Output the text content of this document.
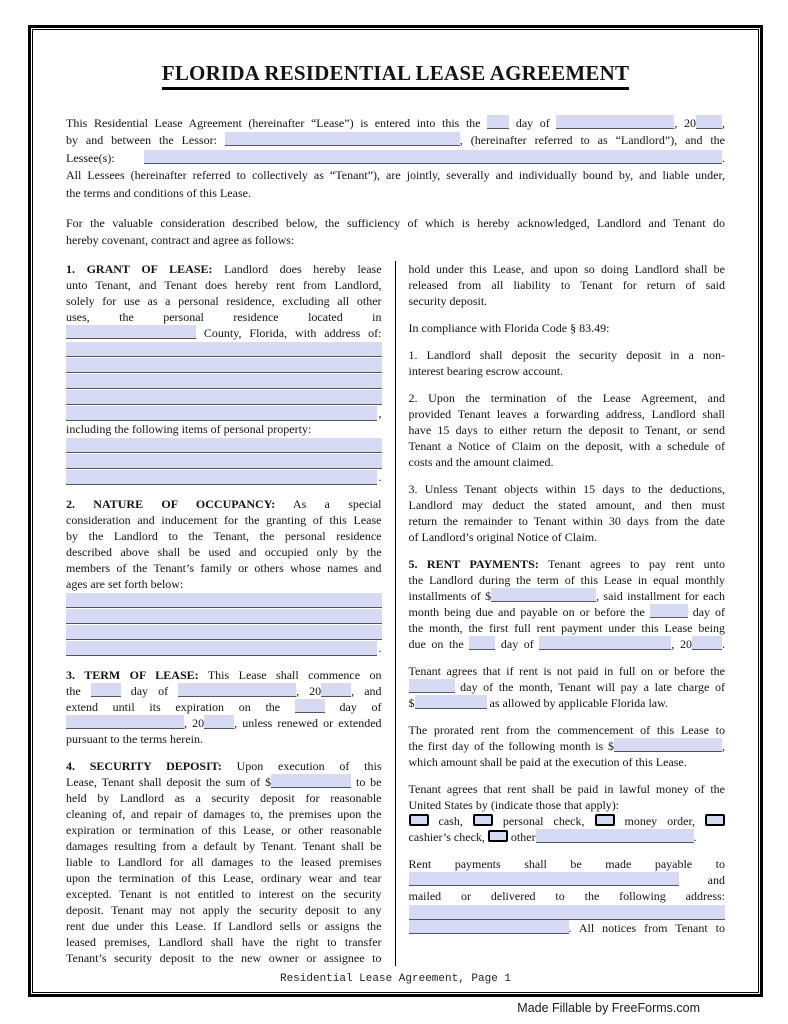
FLORIDA RESIDENTIAL LEASE AGREEMENT
This Residential Lease Agreement (hereinafter “Lease”) is entered into this the  day of	, 20 ,
by and between the Lessor:	, (hereinafter referred to as “Landlord”), and the
Lessee(s):	.
All Lessees (hereinafter referred to collectively as “Tenant”), are jointly, severally and individually bound by, and liable under,
the terms and conditions of this Lease.
For the valuable consideration described below, the sufficiency of which is hereby acknowledged, Landlord and Tenant do
hereby covenant, contract and agree as follows:
1. GRANT OF LEASE: Landlord does hereby lease
unto Tenant, and Tenant does hereby rent from Landlord,
solely for use as a personal residence, excluding all other
uses, the personal residence located in
County, Florida, with address of:
,
including the following items of personal property:
.
2. NATURE OF OCCUPANCY: As a special
consideration and inducement for the granting of this Lease
by the Landlord to the Tenant, the personal residence
described above shall be used and occupied only by the
members of the Tenant’s family or others whose names and
ages are set forth below:
.
3. TERM OF LEASE: This Lease shall commence on
the	day of	, 20	, and
extend until its expiration on the	day of
, 20	, unless renewed or extended
pursuant to the terms herein.
4. SECURITY DEPOSIT: Upon execution of this
Lease, Tenant shall deposit the sum of $	to be
held by Landlord as a security deposit for reasonable
cleaning of, and repair of damages to, the premises upon the
expiration or termination of this Lease, or other reasonable
damages resulting from a default by Tenant. Tenant shall be
liable to Landlord for all damages to the leased premises
upon the termination of this Lease, ordinary wear and tear
excepted. Tenant is not entitled to interest on the security
deposit. Tenant may not apply the security deposit to any
rent due under this Lease. If Landlord sells or assigns the
leased premises, Landlord shall have the right to transfer
Tenant’s security deposit to the new owner or assignee to
hold under this Lease, and upon so doing Landlord shall be
released from all liability to Tenant for return of said
security deposit.
In compliance with Florida Code § 83.49:
1. Landlord shall deposit the security deposit in a non-
interest bearing escrow account.
2. Upon the termination of the Lease Agreement, and
provided Tenant leaves a forwarding address, Landlord shall
have 15 days to either return the deposit to Tenant, or send
Tenant a Notice of Claim on the deposit, with a schedule of
costs and the amount claimed.
3. Unless Tenant objects within 15 days to the deductions,
Landlord may deduct the stated amount, and then must
return the remainder to Tenant within 30 days from the date
of Landlord’s original Notice of Claim.
5. RENT PAYMENTS: Tenant agrees to pay rent unto
the Landlord during the term of this Lease in equal monthly
installments of $	, said installment for each
month being due and payable on or before the	day of
the month, the first full rent payment under this Lease being
due on the  day of	, 20	.
Tenant agrees that if rent is not paid in full on or before the
day of the month, Tenant will pay a late charge of
$	as allowed by applicable Florida law.
The prorated rent from the commencement of this Lease to
the first day of the following month is $	,
which amount shall be paid at the execution of this Lease.
Tenant agrees that rent shall be paid in lawful money of the
United States by (indicate those that apply):
cash,  personal check,  money order,
cashier’s check,  other	.
Rent payments shall be made payable to
and
mailed or delivered to the following address:
. All notices from Tenant to
Residential Lease Agreement, Page 1
Made Fillable by FreeForms.com
